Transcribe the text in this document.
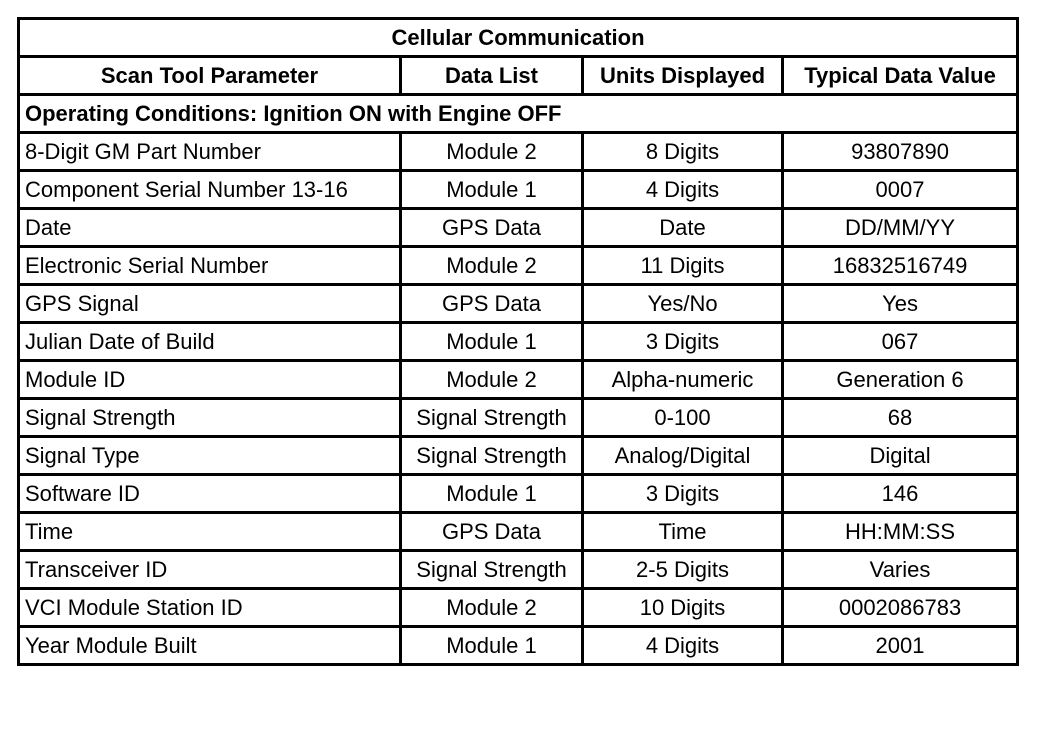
Cellular Communication			
Scan Tool Parameter	Data List	Units Displayed	Typical Data Value
Operating Conditions: Ignition ON with Engine OFF			
8-Digit GM Part Number	Module 2	8 Digits	93807890
Component Serial Number 13-16	Module 1	4 Digits	0007
Date	GPS Data	Date	DD/MM/YY
Electronic Serial Number	Module 2	11 Digits	16832516749
GPS Signal	GPS Data	Yes/No	Yes
Julian Date of Build	Module 1	3 Digits	067
Module ID	Module 2	Alpha-numeric	Generation 6
Signal Strength	Signal Strength	0-100	68
Signal Type	Signal Strength	Analog/Digital	Digital
Software ID	Module 1	3 Digits	146
Time	GPS Data	Time	HH:MM:SS
Transceiver ID	Signal Strength	2-5 Digits	Varies
VCI Module Station ID	Module 2	10 Digits	0002086783
Year Module Built	Module 1	4 Digits	2001
